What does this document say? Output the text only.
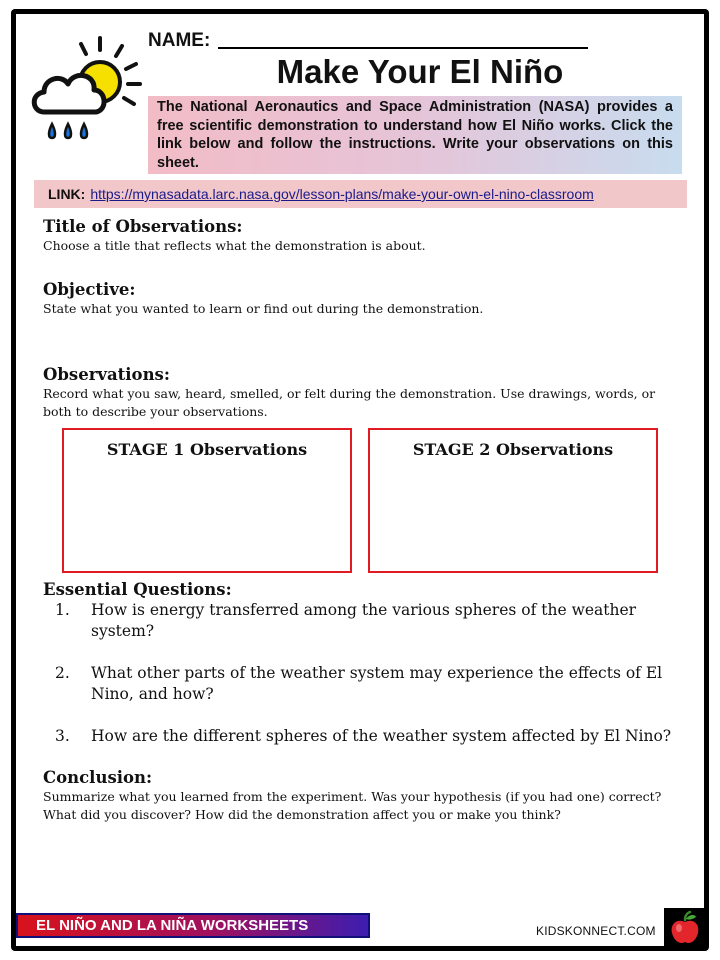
NAME:
Make Your El Niño
The National Aeronautics and Space Administration (NASA) provides a free scientific demonstration to understand how El Niño works. Click the link below and follow the instructions. Write your observations on this sheet.
LINK: https://mynasadata.larc.nasa.gov/lesson-plans/make-your-own-el-nino-classroom
Title of Observations:
Choose a title that reflects what the demonstration is about.
Objective:
State what you wanted to learn or find out during the demonstration.
Observations:
Record what you saw, heard, smelled, or felt during the demonstration. Use drawings, words, or both to describe your observations.
STAGE 1 Observations	STAGE 2 Observations
Essential Questions:
1. How is energy transferred among the various spheres of the weather system?
2. What other parts of the weather system may experience the effects of El Nino, and how?
3. How are the different spheres of the weather system affected by El Nino?
Conclusion:
Summarize what you learned from the experiment. Was your hypothesis (if you had one) correct? What did you discover? How did the demonstration affect you or make you think?
EL NIÑO AND LA NIÑA WORKSHEETS	KIDSKONNECT.COM
